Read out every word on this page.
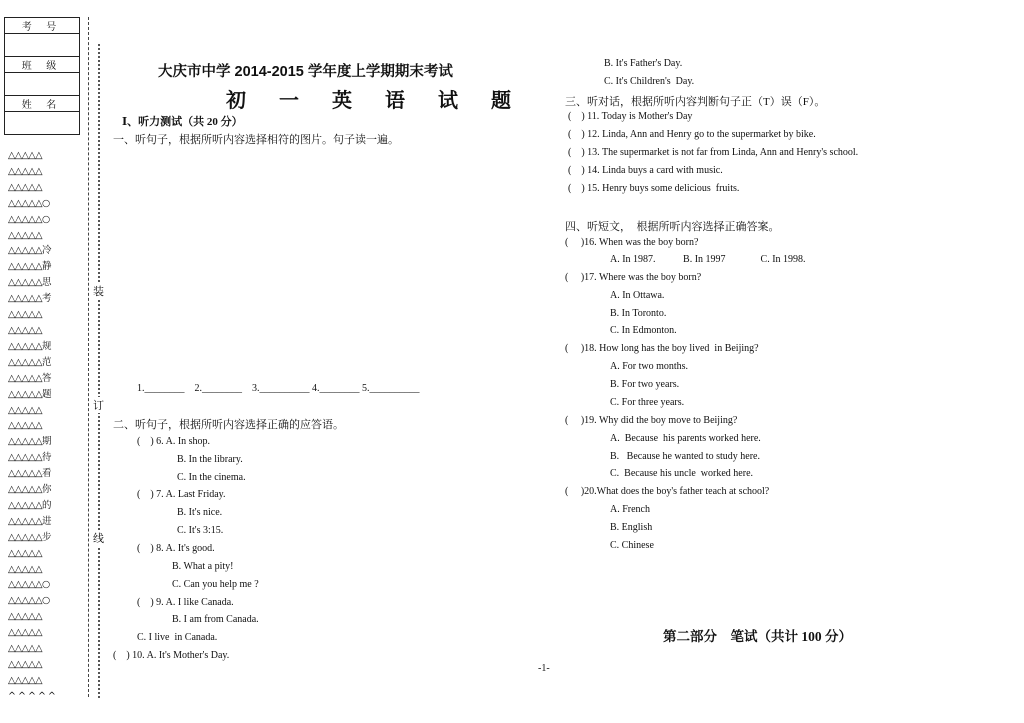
考 号

班 级

姓 名

△△△△△
△△△△△
△△△△△
△△△△△○
△△△△△○
△△△△△
△△△△△冷
△△△△△静
△△△△△思
△△△△△考
△△△△△
△△△△△
△△△△△规
△△△△△范
△△△△△答
△△△△△题
△△△△△
△△△△△
△△△△△期
△△△△△待
△△△△△看
△△△△△你
△△△△△的
△△△△△进
△△△△△步
△△△△△
△△△△△
△△△△△○
△△△△△○
△△△△△
△△△△△
△△△△△
△△△△△
△△△△△
^ ^ ^ ^ ^
装
订
线
大庆市中学 2014-2015 学年度上学期期末考试
初 一 英 语 试 题
Ⅰ、听力测试（共 20 分）
一、听句子，根据所听内容选择相符的图片。句子读一遍。
1.________    2.________    3.__________ 4.________ 5.__________
二、听句子，根据所听内容选择正确的应答语。
(    ) 6. A. In shop.
B. In the library.
C. In the cinema.
(    ) 7. A. Last Friday.
B. It's nice.
C. It's 3:15.
(    ) 8. A. It's good.
B. What a pity!
C. Can you help me ?
(    ) 9. A. I like Canada.
B. I am from Canada.
C. I live  in Canada.
(    ) 10. A. It's Mother's Day.
B. It's Father's Day.
C. It's Children's  Day.
三、听对话，根据所听内容判断句子正（T）误（F）。
(    ) 11. Today is Mother's Day
(    ) 12. Linda, Ann and Henry go to the supermarket by bike.
(    ) 13. The supermarket is not far from Linda, Ann and Henry's school.
(    ) 14. Linda buys a card with music.
(    ) 15. Henry buys some delicious  fruits.
四、听短文，  根据所听内容选择正确答案。
(     )16. When was the boy born?
A. In 1987.           B. In 1997              C. In 1998.
(     )17. Where was the boy born?
A. In Ottawa.
B. In Toronto.
C. In Edmonton.
(     )18. How long has the boy lived  in Beijing?
A. For two months.
B. For two years.
C. For three years.
(     )19. Why did the boy move to Beijing?
A.  Because  his parents worked here.
B.   Because he wanted to study here.
C.  Because his uncle  worked here.
(     )20.What does the boy's father teach at school?
A. French
B. English
C. Chinese
第二部分    笔试（共计 100 分）
-1-
